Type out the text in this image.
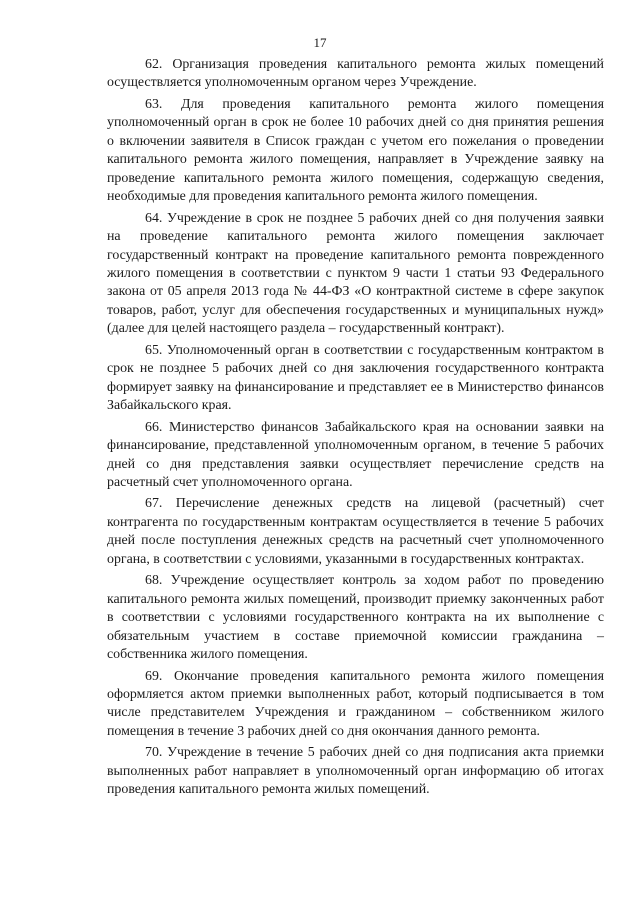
17

62. Организация проведения капитального ремонта жилых помещений осуществляется уполномоченным органом через Учреждение.

63. Для проведения капитального ремонта жилого помещения уполномоченный орган в срок не более 10 рабочих дней со дня принятия решения о включении заявителя в Список граждан с учетом его пожелания о проведении капитального ремонта жилого помещения, направляет в Учреждение заявку на проведение капитального ремонта жилого помещения, содержащую сведения, необходимые для проведения капитального ремонта жилого помещения.

64. Учреждение в срок не позднее 5 рабочих дней со дня получения заявки на проведение капитального ремонта жилого помещения заключает государственный контракт на проведение капитального ремонта поврежденного жилого помещения в соответствии с пунктом 9 части 1 статьи 93 Федерального закона от 05 апреля 2013 года № 44-ФЗ «О контрактной системе в сфере закупок товаров, работ, услуг для обеспечения государственных и муниципальных нужд» (далее для целей настоящего раздела – государственный контракт).

65. Уполномоченный орган в соответствии с государственным контрактом в срок не позднее 5 рабочих дней со дня заключения государственного контракта формирует заявку на финансирование и представляет ее в Министерство финансов Забайкальского края.

66. Министерство финансов Забайкальского края на основании заявки на финансирование, представленной уполномоченным органом, в течение 5 рабочих дней со дня представления заявки осуществляет перечисление средств на расчетный счет уполномоченного органа.

67. Перечисление денежных средств на лицевой (расчетный) счет контрагента по государственным контрактам осуществляется в течение 5 рабочих дней после поступления денежных средств на расчетный счет уполномоченного органа, в соответствии с условиями, указанными в государственных контрактах.

68. Учреждение осуществляет контроль за ходом работ по проведению капитального ремонта жилых помещений, производит приемку законченных работ в соответствии с условиями государственного контракта на их выполнение с обязательным участием в составе приемочной комиссии гражданина – собственника жилого помещения.

69. Окончание проведения капитального ремонта жилого помещения оформляется актом приемки выполненных работ, который подписывается в том числе представителем Учреждения и гражданином – собственником жилого помещения в течение 3 рабочих дней со дня окончания данного ремонта.

70. Учреждение в течение 5 рабочих дней со дня подписания акта приемки выполненных работ направляет в уполномоченный орган информацию об итогах проведения капитального ремонта жилых помещений.
